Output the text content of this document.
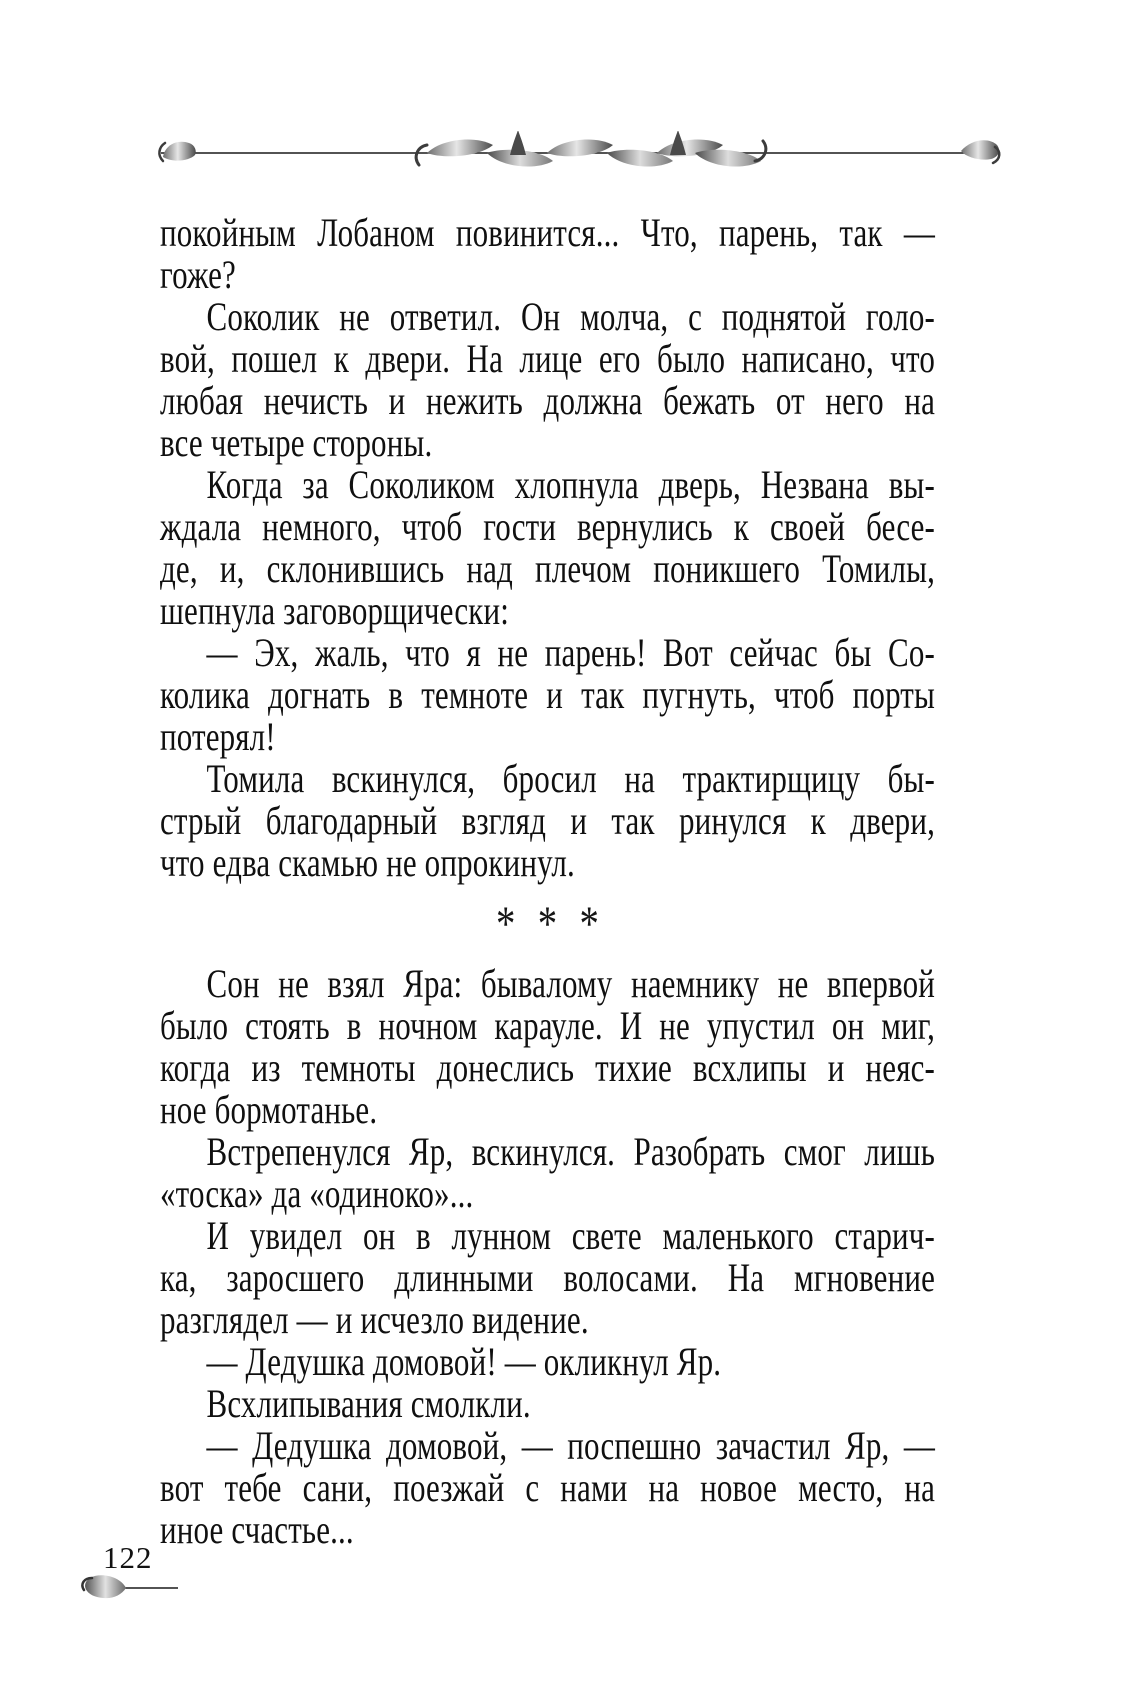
покойным Лобаном повинится... Что, парень, так —
гоже?
Соколик не ответил. Он молча, с поднятой голо-
вой, пошел к двери. На лице его было написано, что
любая нечисть и нежить должна бежать от него на
все четыре стороны.
Когда за Соколиком хлопнула дверь, Незвана вы-
ждала немного, чтоб гости вернулись к своей бесе-
де, и, склонившись над плечом поникшего Томилы,
шепнула заговорщически:
— Эх, жаль, что я не парень! Вот сейчас бы Со-
колика догнать в темноте и так пугнуть, чтоб порты
потерял!
Томила вскинулся, бросил на трактирщицу бы-
стрый благодарный взгляд и так ринулся к двери,
что едва скамью не опрокинул.
* * *
Сон не взял Яра: бывалому наемнику не впервой
было стоять в ночном карауле. И не упустил он миг,
когда из темноты донеслись тихие всхлипы и неяс-
ное бормотанье.
Встрепенулся Яр, вскинулся. Разобрать смог лишь
«тоска» да «одиноко»...
И увидел он в лунном свете маленького старич-
ка, заросшего длинными волосами. На мгновение
разглядел — и исчезло видение.
— Дедушка домовой! — окликнул Яр.
Всхлипывания смолкли.
— Дедушка домовой, — поспешно зачастил Яр, —
вот тебе сани, поезжай с нами на новое место, на
иное счастье...
122
